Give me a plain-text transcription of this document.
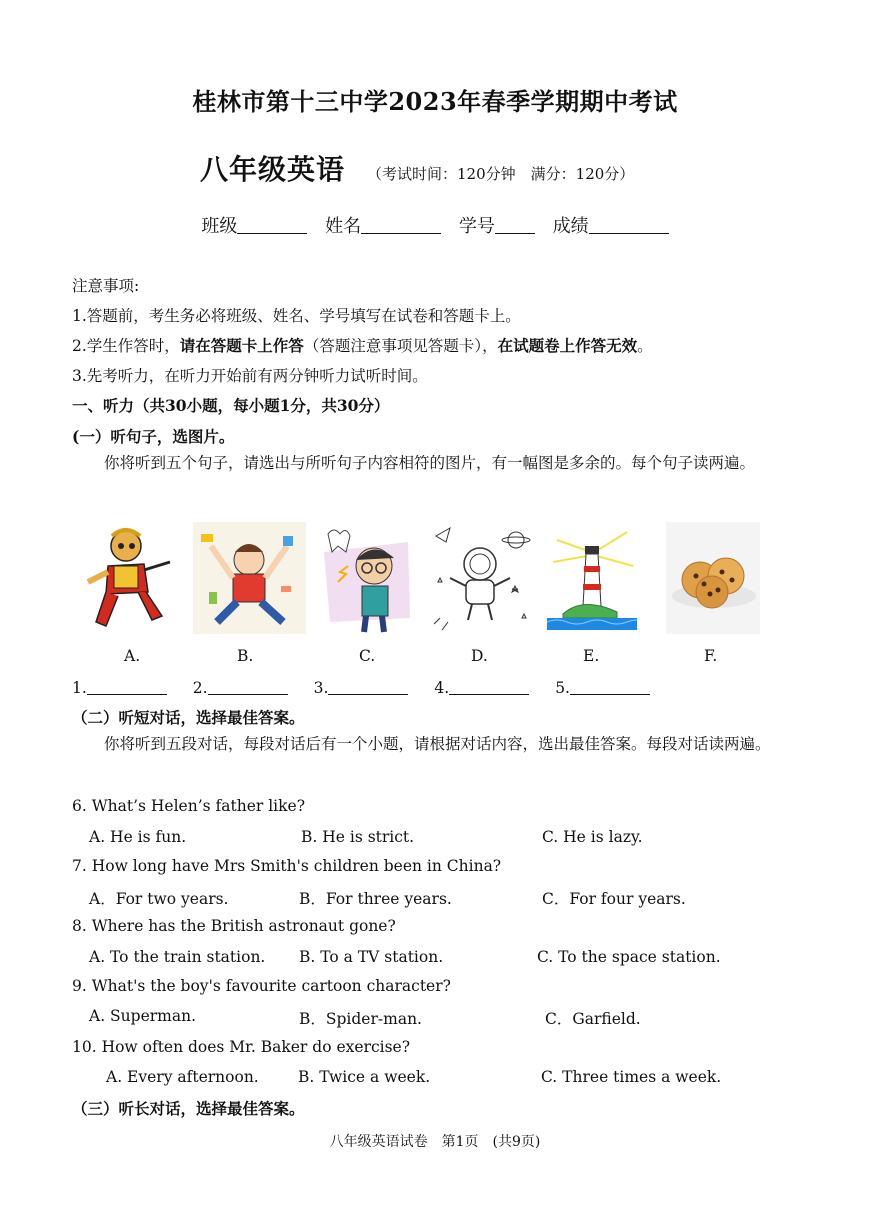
桂林市第十三中学2023年春季学期期中考试
八年级英语 （考试时间：120分钟　满分：120分）
班级	姓名	学号	成绩
注意事项:
1.答题前，考生务必将班级、姓名、学号填写在试卷和答题卡上。
2.学生作答时，请在答题卡上作答（答题注意事项见答题卡），在试题卷上作答无效。
3.先考听力，在听力开始前有两分钟听力试听时间。
一、听力（共30小题，每小题1分，共30分）
(一）听句子，选图片。
你将听到五个句子，请选出与所听句子内容相符的图片，有一幅图是多余的。每个句子读两遍。
A.	B.	C.	D.	E.	F.
1.	2.	3.	4.	5.
（二）听短对话，选择最佳答案。
你将听到五段对话，每段对话后有一个小题，请根据对话内容，选出最佳答案。每段对话读两遍。
6. What’s Helen’s father like?
A. He is fun.	B. He is strict.	C. He is lazy.
7. How long have Mrs Smith's children been in China?
A．For two years.	B．For three years.	C．For four years.
8. Where has the British astronaut gone?
A. To the train station. B. To a TV station.	C. To the space station.
9. What's the boy's favourite cartoon character?
A. Superman.	B．Spider-man.	C．Garfield.
10. How often does Mr. Baker do exercise?
A. Every afternoon.	B. Twice a week.	C. Three times a week.
（三）听长对话，选择最佳答案。
八年级英语试卷　第1页　(共9页)
